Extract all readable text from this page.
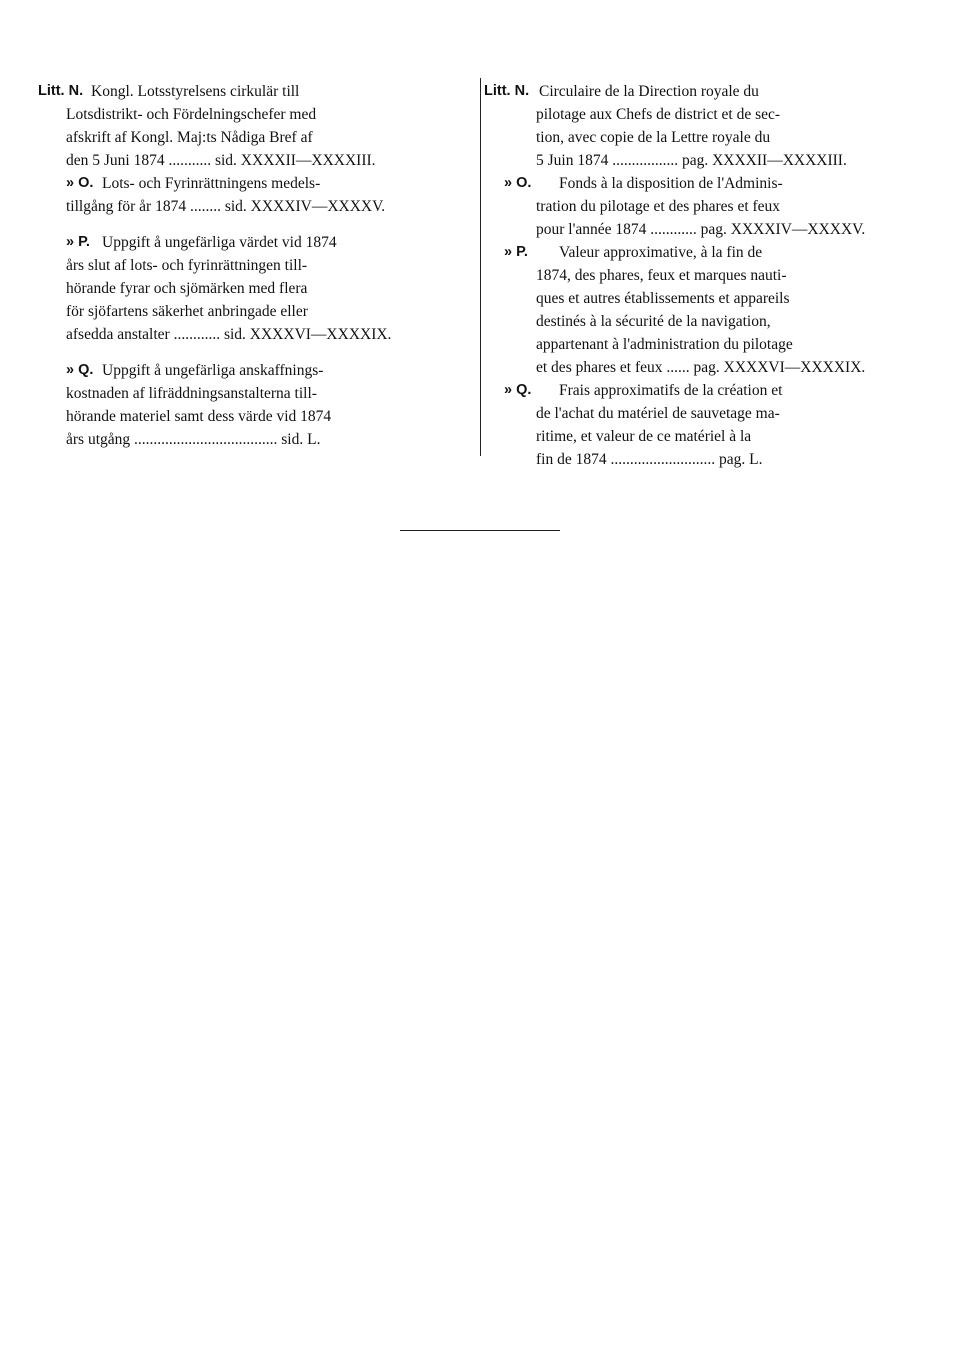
Litt. N. Kongl. Lotsstyrelsens cirkulär till
Lotsdistrikt- och Fördelningschefer med
afskrift af Kongl. Maj:ts Nådiga Bref af
den 5 Juni 1874 ........... sid. XXXXII—XXXXIII.
» O. Lots- och Fyrinrättningens medels-
tillgång för år 1874 ........ sid. XXXXIV—XXXXV.
» P. Uppgift å ungefärliga värdet vid 1874
års slut af lots- och fyrinrättningen till-
hörande fyrar och sjömärken med flera
för sjöfartens säkerhet anbringade eller
afsedda anstalter ............ sid. XXXXVI—XXXXIX.
» Q. Uppgift å ungefärliga anskaffnings-
kostnaden af lifräddningsanstalterna till-
hörande materiel samt dess värde vid 1874
års utgång ..................................... sid. L.
Litt. N. Circulaire de la Direction royale du
pilotage aux Chefs de district et de sec-
tion, avec copie de la Lettre royale du
5 Juin 1874 ................. pag. XXXXII—XXXXIII.
» O. Fonds à la disposition de l'Adminis-
tration du pilotage et des phares et feux
pour l'année 1874 ............ pag. XXXXIV—XXXXV.
» P. Valeur approximative, à la fin de
1874, des phares, feux et marques nauti-
ques et autres établissements et appareils
destinés à la sécurité de la navigation,
appartenant à l'administration du pilotage
et des phares et feux ...... pag. XXXXVI—XXXXIX.
» Q. Frais approximatifs de la création et
de l'achat du matériel de sauvetage ma-
ritime, et valeur de ce matériel à la
fin de 1874 ........................... pag. L.
